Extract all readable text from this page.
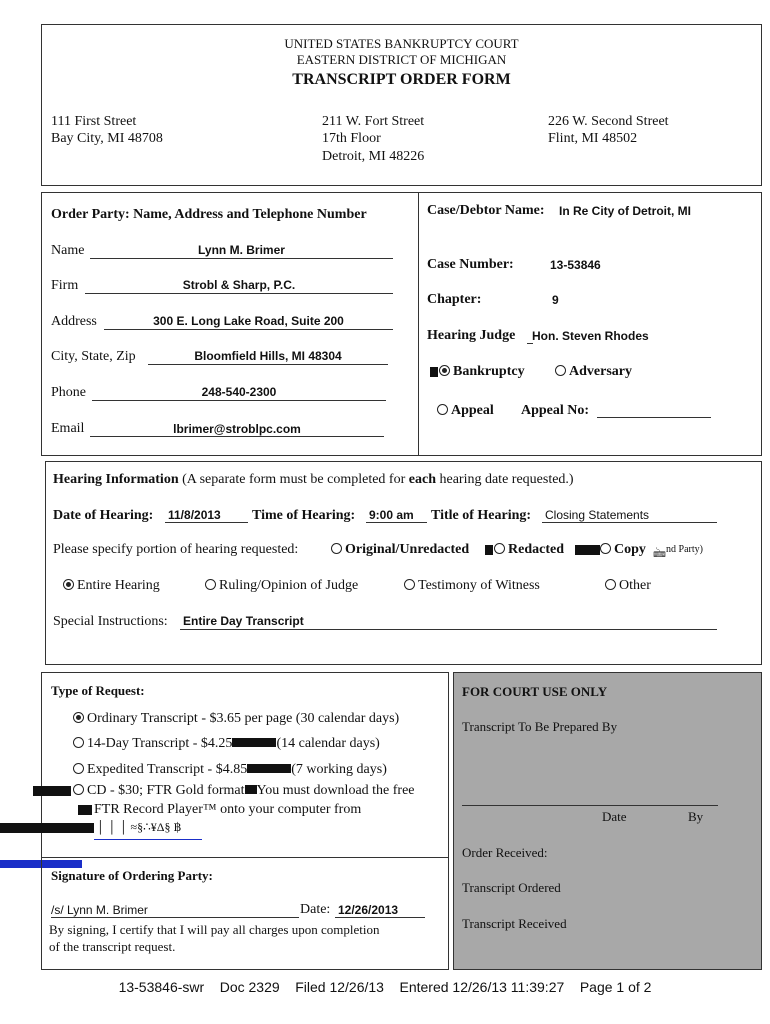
UNITED STATES BANKRUPTCY COURT
EASTERN DISTRICT OF MICHIGAN
TRANSCRIPT ORDER FORM
111 First Street
Bay City, MI 48708
211 W. Fort Street
17th Floor
Detroit, MI 48226
226 W. Second Street
Flint, MI 48502
Order Party: Name, Address and Telephone Number
Name	Lynn M. Brimer
Firm	Strobl & Sharp, P.C.
Address	300 E. Long Lake Road, Suite 200
City, State, Zip	Bloomfield Hills, MI 48304
Phone	248-540-2300
Email	lbrimer@stroblpc.com
Case/Debtor Name: In Re City of Detroit, MI
Case Number:	13-53846
Chapter:	9
Hearing Judge Hon. Steven Rhodes
Bankruptcy	Adversary
Appeal Appeal No:
Hearing Information (A separate form must be completed for each hearing date requested.)
Date of Hearing: 11/8/2013 Time of Hearing: 9:00 am Title of Hearing: Closing Statements
Please specify portion of hearing requested:	Original/Unredacted	Redacted	Copy 🖮$^{nd Party)}$
Entire Hearing	Ruling/Opinion of Judge	Testimony of Witness	Other
Special Instructions: Entire Day Transcript
Type of Request:
Ordinary Transcript - $3.65 per page (30 calendar days)
14-Day Transcript - $4.25	(14 calendar days)
Expedited Transcript - $4.85	(7 working days)
CD - $30; FTR Gold format You must download the free
FTR Record Player™ onto your computer from
│ │ │ ≈§∴¥Δ§ ฿
Signature of Ordering Party:
/s/ Lynn M. Brimer	Date: 12/26/2013
By signing, I certify that I will pay all charges upon completion
of the transcript request.
FOR COURT USE ONLY
Transcript To Be Prepared By
Date	By
Order Received:
Transcript Ordered
Transcript Received
13-53846-swr    Doc 2329    Filed 12/26/13    Entered 12/26/13 11:39:27    Page 1 of 2
